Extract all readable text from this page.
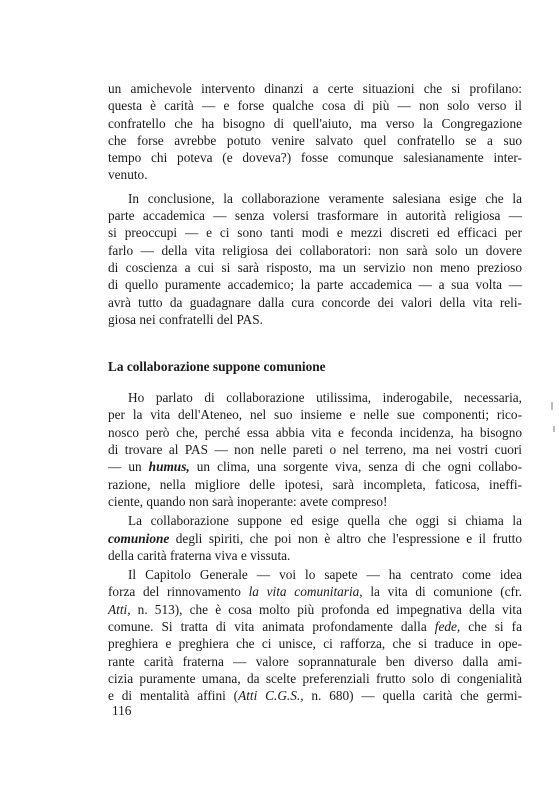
un amichevole intervento dinanzi a certe situazioni che si profilano:
questa è carità — e forse qualche cosa di più — non solo verso il
confratello che ha bisogno di quell'aiuto, ma verso la Congregazione
che forse avrebbe potuto venire salvato quel confratello se a suo
tempo chi poteva (e doveva?) fosse comunque salesianamente inter-
venuto.
In conclusione, la collaborazione veramente salesiana esige che la
parte accademica — senza volersi trasformare in autorità religiosa —
si preoccupi — e ci sono tanti modi e mezzi discreti ed efficaci per
farlo — della vita religiosa dei collaboratori: non sarà solo un dovere
di coscienza a cui si sarà risposto, ma un servizio non meno prezioso
di quello puramente accademico; la parte accademica — a sua volta —
avrà tutto da guadagnare dalla cura concorde dei valori della vita reli-
giosa nei confratelli del PAS.
La collaborazione suppone comunione
Ho parlato di collaborazione utilissima, inderogabile, necessaria,
per la vita dell'Ateneo, nel suo insieme e nelle sue componenti; rico-
nosco però che, perché essa abbia vita e feconda incidenza, ha bisogno
di trovare al PAS — non nelle pareti o nel terreno, ma nei vostri cuori
— un humus, un clima, una sorgente viva, senza di che ogni collabo-
razione, nella migliore delle ipotesi, sarà incompleta, faticosa, ineffi-
ciente, quando non sarà inoperante: avete compreso!
La collaborazione suppone ed esige quella che oggi si chiama la
comunione degli spiriti, che poi non è altro che l'espressione e il frutto
della carità fraterna viva e vissuta.
Il Capitolo Generale — voi lo sapete — ha centrato come idea
forza del rinnovamento la vita comunitaria, la vita di comunione (cfr.
Atti, n. 513), che è cosa molto più profonda ed impegnativa della vita
comune. Si tratta di vita animata profondamente dalla fede, che si fa
preghiera e preghiera che ci unisce, ci rafforza, che si traduce in ope-
rante carità fraterna — valore soprannaturale ben diverso dalla ami-
cizia puramente umana, da scelte preferenziali frutto solo di congenialità
e di mentalità affini (Atti C.G.S., n. 680) — quella carità che germi-
116
